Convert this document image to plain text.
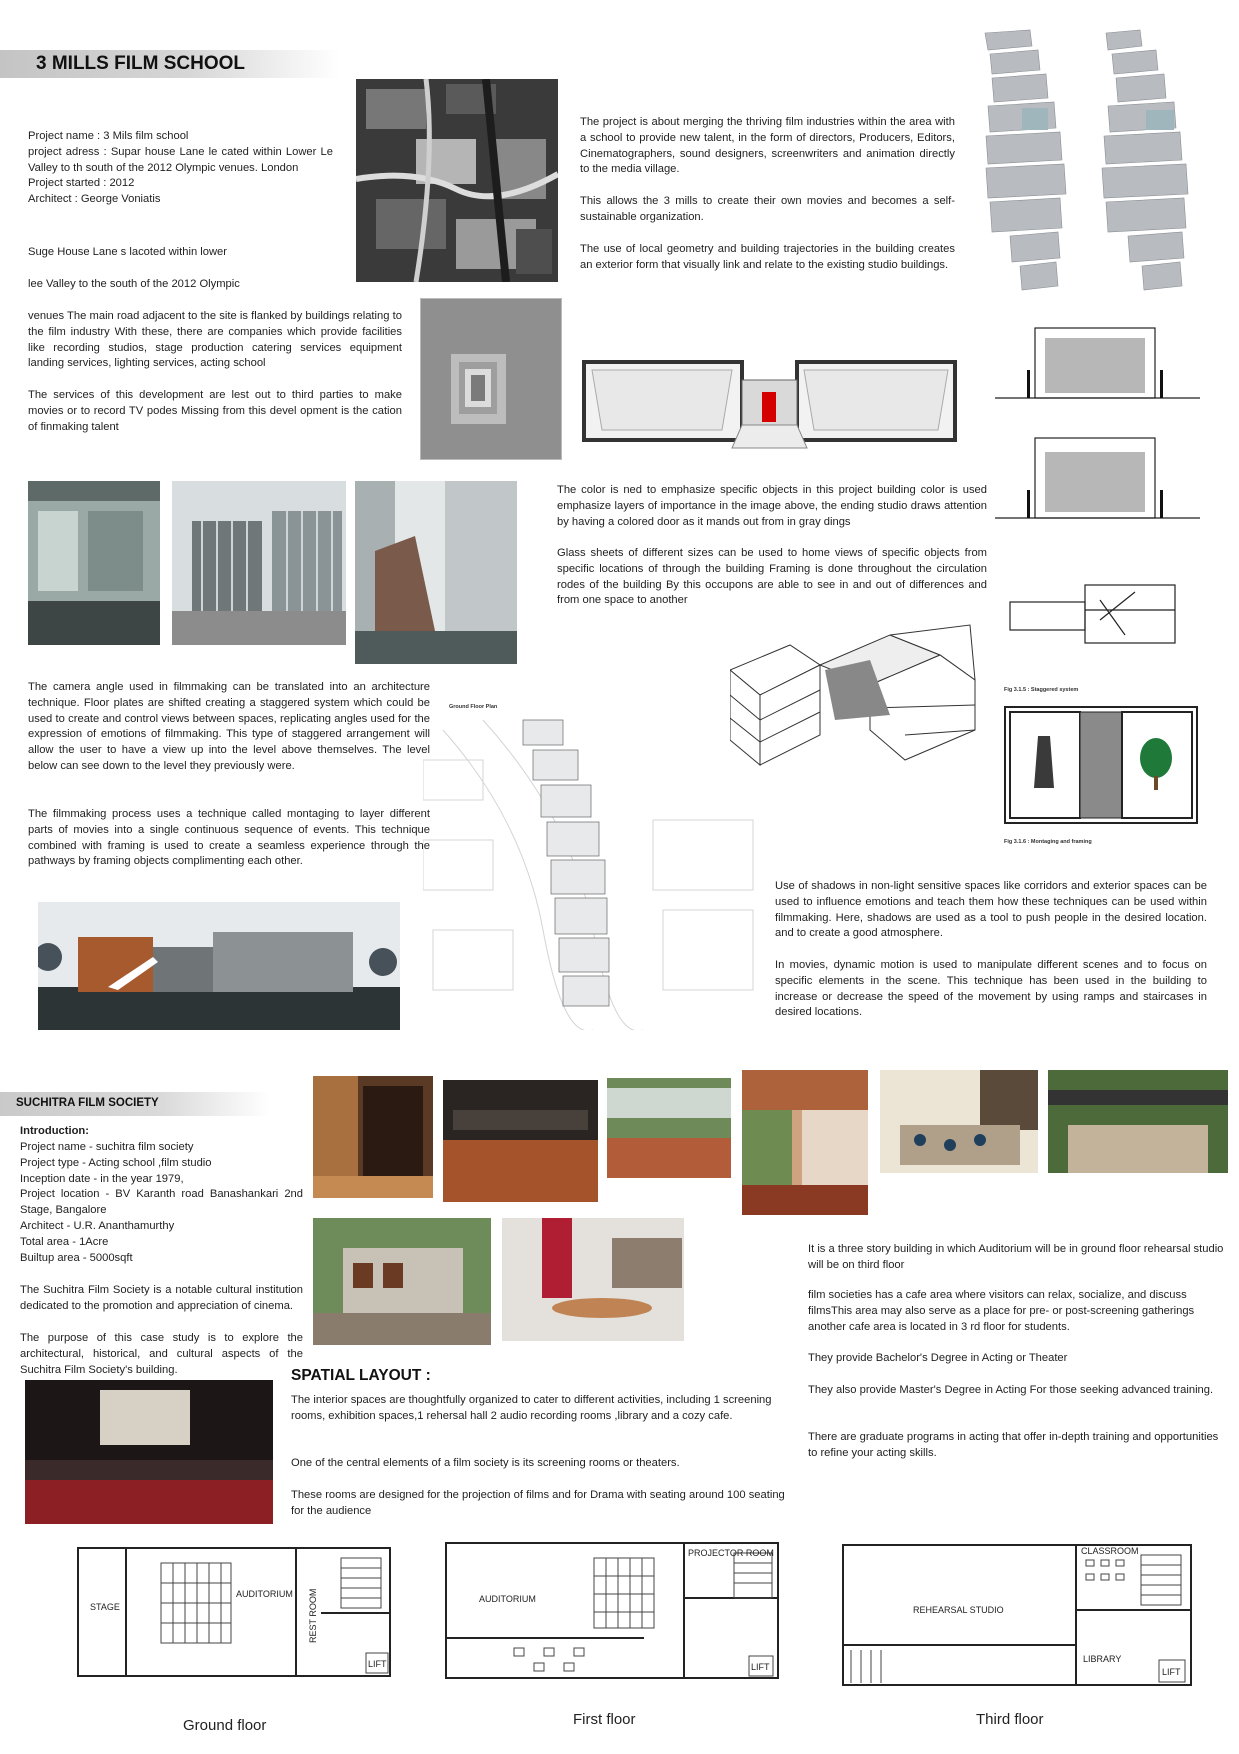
3 MILLS FILM SCHOOL

Project name : 3 Mils film school

project adress : Supar house Lane le cated within Lower Le Valley to th south of the 2012 Olympic venues. London

Project started : 2012

Architect : George Voniatis

Suge House Lane s lacoted within lower
lee Valley to the south of the 2012 Olympic
venues The main road adjacent to the site is flanked by buildings relating to the film industry With these, there are companies which provide facilities like recording studios, stage production catering services equipment landing services, lighting services, acting school
The services of this development are lest out to third parties to make movies or to record TV podes Missing from this devel opment is the cation of finmaking talent
The project is about merging the thriving film industries within the area with a school to provide new talent, in the form of directors, Producers, Editors, Cinematographers, sound designers, screenwriters and animation directly to the media village.
This allows the 3 mills to create their own movies and becomes a self-sustainable organization.
The use of local geometry and building trajectories in the building creates an exterior form that visually link and relate to the existing studio buildings.
The color is ned to emphasize specific objects in this project building color is used emphasize layers of importance in the image above, the ending studio draws attention by having a colored door as it mands out from in gray dings
Glass sheets of different sizes can be used to home views of specific objects from specific locations of through the building Framing is done throughout the circulation rodes of the building By this occupons are able to see in and out of differences and from one space to another
Fig 3.1.5 : Staggered system
Fig 3.1.6 : Montaging and framing
The camera angle used in filmmaking can be translated into an architecture technique. Floor plates are shifted creating a staggered system which could be used to create and control views between spaces, replicating angles used for the expression of emotions of filmmaking. This type of staggered arrangement will allow the user to have a view up into the level above themselves. The level below can see down to the level they previously were.
The filmmaking process uses a technique called montaging to layer different parts of movies into a single continuous sequence of events. This technique combined with framing is used to create a seamless experience through the pathways by framing objects complimenting each other.
Ground Floor Plan
Use of shadows in non-light sensitive spaces like corridors and exterior spaces can be used to influence emotions and teach them how these techniques can be used within filmmaking. Here, shadows are used as a tool to push people in the desired location. and to create a good atmosphere.
In movies, dynamic motion is used to manipulate different scenes and to focus on specific elements in the scene. This technique has been used in the building to increase or decrease the speed of the movement by using ramps and staircases in desired locations.
SUCHITRA FILM SOCIETY
Introduction:

Project name - suchitra film society

Project type - Acting school ,film studio

Inception date - in the year 1979,

Project location - BV Karanth road Banashankari 2nd Stage, Bangalore

Architect - U.R. Ananthamurthy

Total area - 1Acre

Builtup area - 5000sqft

The Suchitra Film Society is a notable cultural institution dedicated to the promotion and appreciation of cinema.
The purpose of this case study is to explore the architectural, historical, and cultural aspects of the Suchitra Film Society's building.	SPATIAL LAYOUT :
The interior spaces are thoughtfully organized to cater to different activities, including 1 screening rooms, exhibition spaces,1 rehersal hall 2 audio recording rooms ,library and a cozy cafe.
One of the central elements of a film society is its screening rooms or theaters.
These rooms are designed for the projection of films and for Drama with seating around 100 seating for the audience
It is a three story building in which Auditorium will be in ground floor rehearsal studio will be on third floor
film societies has a cafe area where visitors can relax, socialize, and discuss filmsThis area may also serve as a place for pre- or post-screening gatherings another cafe area is located in 3 rd floor for students.
They provide Bachelor's Degree in Acting or Theater
They also provide Master's Degree in Acting For those seeking advanced training.
There are graduate programs in acting that offer in-depth training and opportunities to refine your acting skills.
STAGE
AUDITORIUM REST ROOM
LIFT
Ground floor
AUDITORIUM
PROJECTOR ROOM
LIFT
First floor
REHEARSAL STUDIO
CLASSROOM
LIBRARY
LIFT
Third floor
